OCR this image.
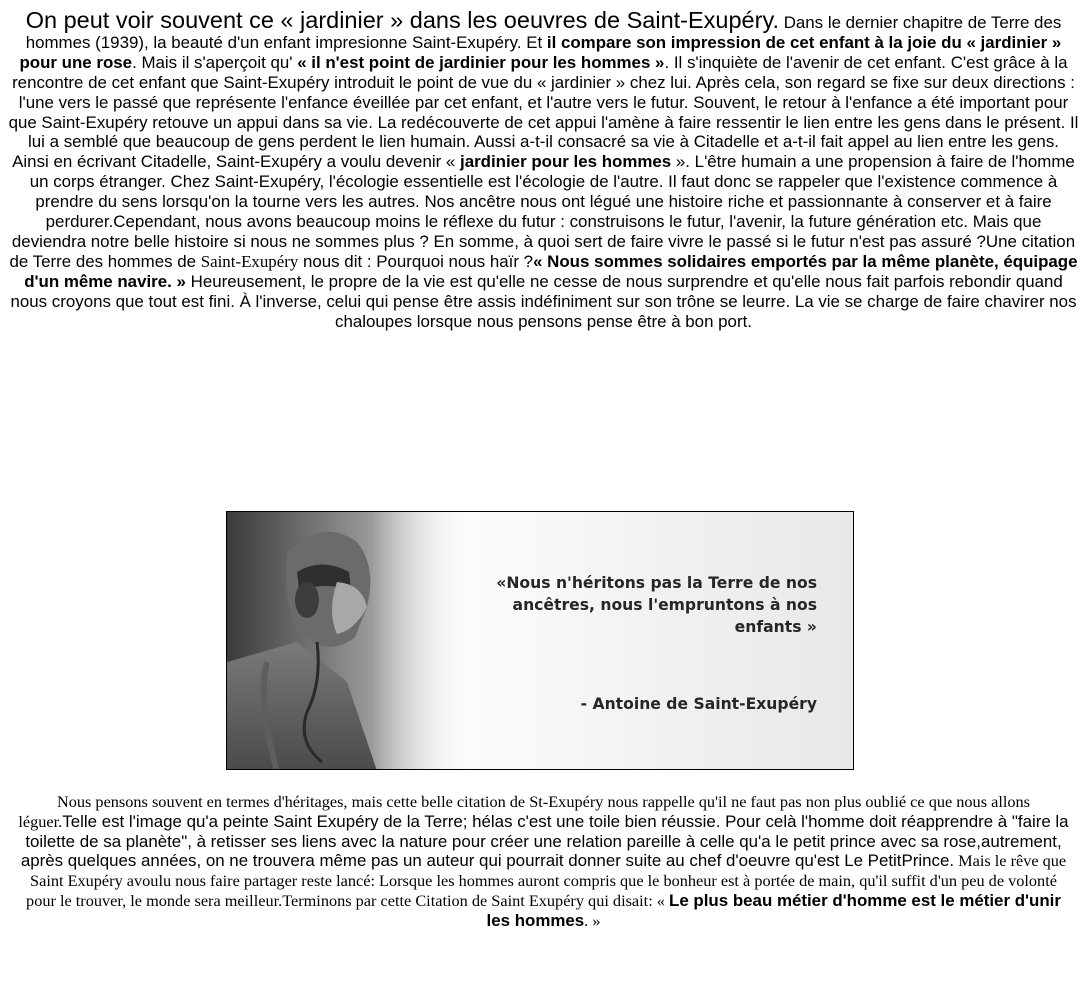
On peut voir souvent ce « jardinier » dans les oeuvres de Saint-Exupéry. Dans le dernier chapitre de Terre des hommes (1939), la beauté d'un enfant impresionne Saint-Exupéry. Et il compare son impression de cet enfant à la joie du « jardinier » pour une rose. Mais il s'aperçoit qu' « il n'est point de jardinier pour les hommes ». Il s'inquiète de l'avenir de cet enfant. C'est grâce à la rencontre de cet enfant que Saint-Exupéry introduit le point de vue du « jardinier » chez lui. Après cela, son regard se fixe sur deux directions : l'une vers le passé que représente l'enfance éveillée par cet enfant, et l'autre vers le futur. Souvent, le retour à l'enfance a été important pour que Saint-Exupéry retouve un appui dans sa vie. La redécouverte de cet appui l'amène à faire ressentir le lien entre les gens dans le présent. Il lui a semblé que beaucoup de gens perdent le lien humain. Aussi a-t-il consacré sa vie à Citadelle et a-t-il fait appel au lien entre les gens. Ainsi en écrivant Citadelle, Saint-Exupéry a voulu devenir « jardinier pour les hommes ». L'être humain a une propension à faire de l'homme un corps étranger. Chez Saint-Exupéry, l'écologie essentielle est l'écologie de l'autre. Il faut donc se rappeler que l'existence commence à prendre du sens lorsqu'on la tourne vers les autres. Nos ancêtre nous ont légué une histoire riche et passionnante à conserver et à faire perdurer.Cependant, nous avons beaucoup moins le réflexe du futur : construisons le futur, l'avenir, la future génération etc. Mais que deviendra notre belle histoire si nous ne sommes plus ? En somme, à quoi sert de faire vivre le passé si le futur n'est pas assuré ?Une citation de Terre des hommes de Saint-Exupéry nous dit : Pourquoi nous haïr ?« Nous sommes solidaires emportés par la même planète, équipage d'un même navire. » Heureusement, le propre de la vie est qu'elle ne cesse de nous surprendre et qu'elle nous fait parfois rebondir quand nous croyons que tout est fini. À l'inverse, celui qui pense être assis indéfiniment sur son trône se leurre. La vie se charge de faire chavirer nos chaloupes lorsque nous pensons pense être à bon port.
«Nous n'héritons pas la Terre de nos
ancêtres, nous l'empruntons à nos
enfants »
- Antoine de Saint-Exupéry
Nous pensons souvent en termes d'héritages, mais cette belle citation de St-Exupéry nous rappelle qu'il ne faut pas non plus oublié ce que nous allons léguer.Telle est l'image qu'a peinte Saint Exupéry de la Terre; hélas c'est une toile bien réussie. Pour celà l'homme doit réapprendre à "faire la toilette de sa planète", à retisser ses liens avec la nature pour créer une relation pareille à celle qu'a le petit prince avec sa rose,autrement, après quelques années, on ne trouvera même pas un auteur qui pourrait donner suite au chef d'oeuvre qu'est Le PetitPrince. Mais le rêve que Saint Exupéry avoulu nous faire partager reste lancé: Lorsque les hommes auront compris que le bonheur est à portée de main, qu'il suffit d'un peu de volonté pour le trouver, le monde sera meilleur.Terminons par cette Citation de Saint Exupéry qui disait: « Le plus beau métier d'homme est le métier d'unir les hommes. »
